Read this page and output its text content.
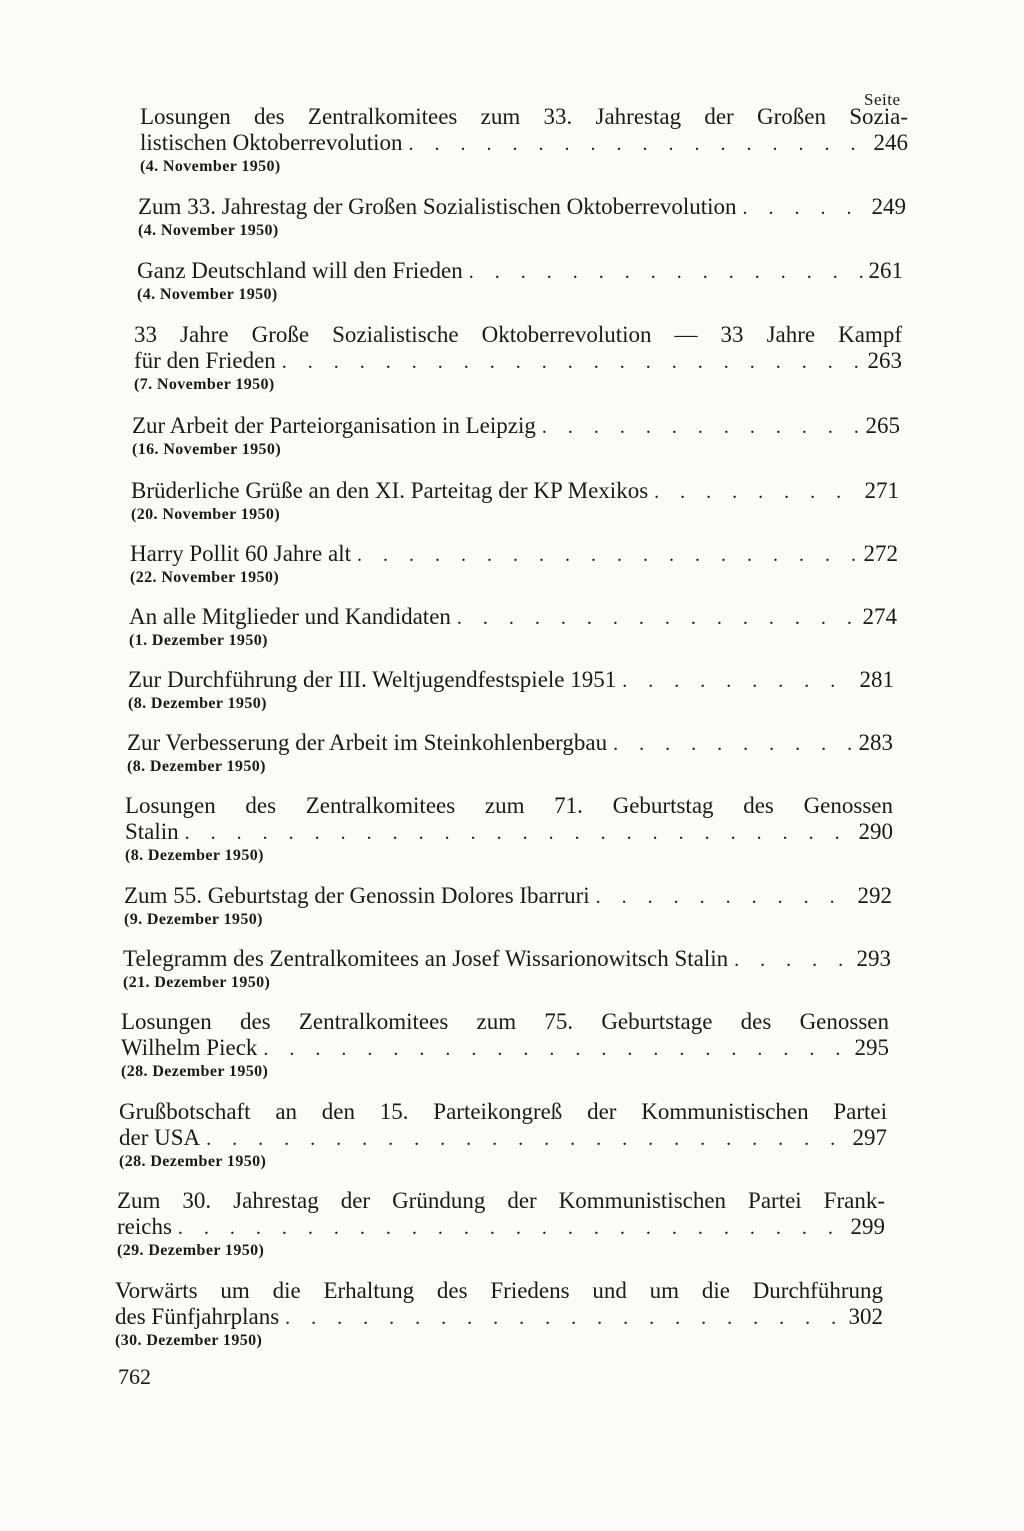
Seite
Losungen des Zentralkomitees zum 33. Jahrestag der Großen Sozia-
listischen Oktoberrevolution . . .	246
(4. November 1950)
Zum 33. Jahrestag der Großen Sozialistischen Oktoberrevolution . . .	249
(4. November 1950)
Ganz Deutschland will den Frieden . . .	261
(4. November 1950)
33 Jahre Große Sozialistische Oktoberrevolution — 33 Jahre Kampf
für den Frieden . . .	263
(7. November 1950)
Zur Arbeit der Parteiorganisation in Leipzig . . .	265
(16. November 1950)
Brüderliche Grüße an den XI. Parteitag der KP Mexikos . . .	271
(20. November 1950)
Harry Pollit 60 Jahre alt . . .	272
(22. November 1950)
An alle Mitglieder und Kandidaten . . .	274
(1. Dezember 1950)
Zur Durchführung der III. Weltjugendfestspiele 1951 . . .	281
(8. Dezember 1950)
Zur Verbesserung der Arbeit im Steinkohlenbergbau . . .	283
(8. Dezember 1950)
Losungen des Zentralkomitees zum 71. Geburtstag des Genossen
Stalin . . .	290
(8. Dezember 1950)
Zum 55. Geburtstag der Genossin Dolores Ibarruri . . .	292
(9. Dezember 1950)
Telegramm des Zentralkomitees an Josef Wissarionowitsch Stalin . . .	293
(21. Dezember 1950)
Losungen des Zentralkomitees zum 75. Geburtstage des Genossen
Wilhelm Pieck . . .	295
(28. Dezember 1950)
Grußbotschaft an den 15. Parteikongreß der Kommunistischen Partei
der USA . . .	297
(28. Dezember 1950)
Zum 30. Jahrestag der Gründung der Kommunistischen Partei Frank-
reichs . . .	299
(29. Dezember 1950)
Vorwärts um die Erhaltung des Friedens und um die Durchführung
des Fünfjahrplans . . .	302
(30. Dezember 1950)
762
